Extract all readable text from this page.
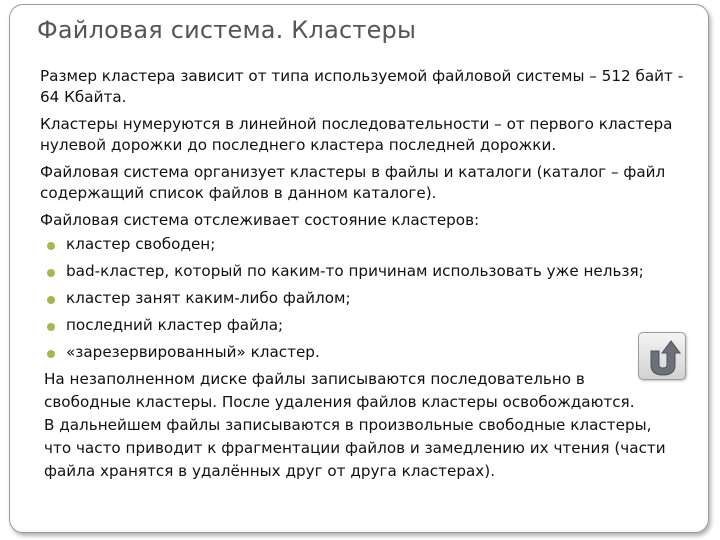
Файловая система. Кластеры
Размер кластера зависит от типа используемой файловой системы – 512 байт - 64 Кбайта.
Кластеры нумеруются в линейной последовательности – от первого кластера нулевой дорожки до последнего кластера последней дорожки.
Файловая система организует кластеры в файлы и каталоги (каталог – файл содержащий список файлов в данном каталоге).
Файловая система отслеживает состояние кластеров:
кластер свободен;
bad-кластер, который по каким-то причинам использовать уже нельзя;
кластер занят каким-либо файлом;
последний кластер файла;
«зарезервированный» кластер.
На незаполненном диске файлы записываются последовательно в
свободные кластеры. После удаления файлов кластеры освобождаются.
В дальнейшем файлы записываются в произвольные свободные кластеры,
что часто приводит к фрагментации файлов и замедлению их чтения (части
файла хранятся в удалённых друг от друга кластерах).
